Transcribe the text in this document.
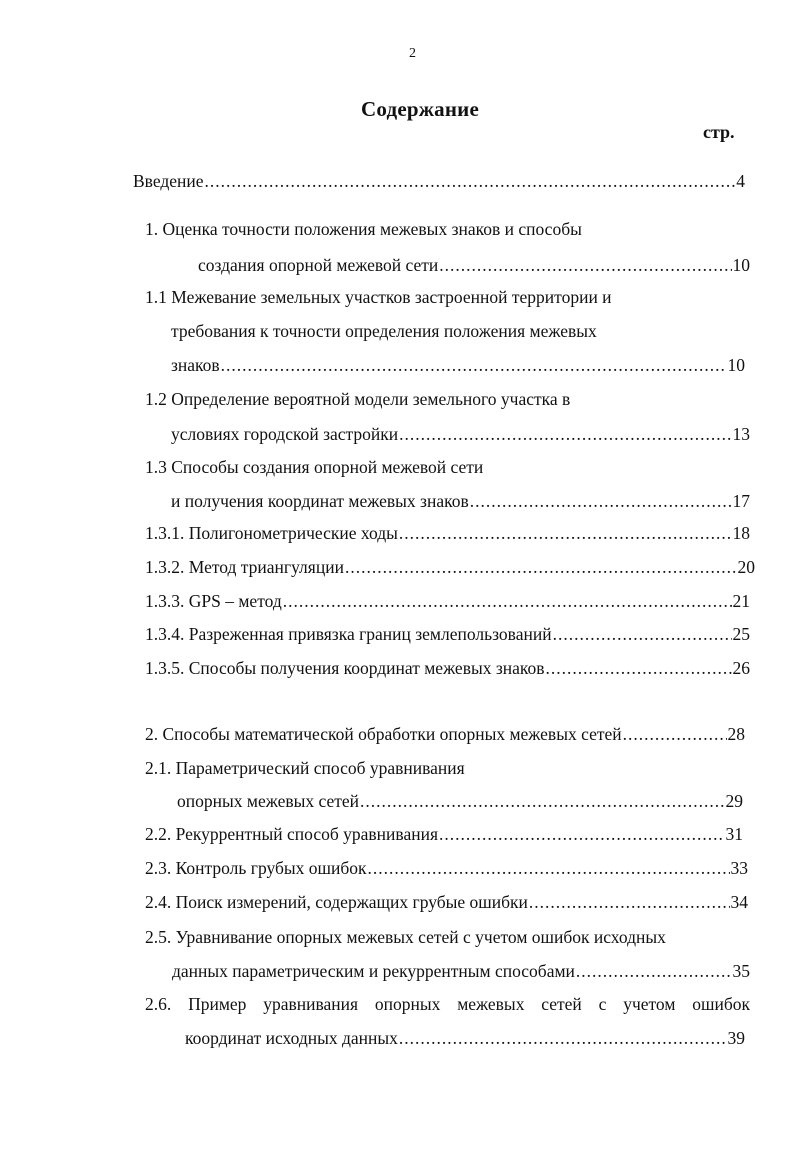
2
Содержание
стр.
Введение .....	4
1. Оценка точности положения межевых знаков и способы
создания опорной межевой сети .....	10
1.1 Межевание земельных участков застроенной территории и
требования к точности определения положения межевых
знаков .....	10
1.2 Определение вероятной модели земельного участка в
условиях городской застройки .....	13
1.3 Способы создания опорной межевой сети
и получения координат межевых знаков .....	17
1.3.1. Полигонометрические ходы .....	18
1.3.2. Метод триангуляции .....	20
1.3.3. GPS – метод .....	21
1.3.4. Разреженная привязка границ землепользований .....	25
1.3.5. Способы получения координат межевых знаков .....	26
2. Способы математической обработки опорных межевых сетей .....	28
2.1. Параметрический способ уравнивания
опорных межевых сетей .....	29
2.2. Рекуррентный способ уравнивания .....	31
2.3. Контроль грубых ошибок .....	33
2.4. Поиск измерений, содержащих грубые ошибки .....	34
2.5. Уравнивание опорных межевых сетей с учетом ошибок исходных
данных параметрическим и рекуррентным способами .....	35
2.6. Пример уравнивания опорных межевых сетей с учетом ошибок
координат исходных данных .....	39
